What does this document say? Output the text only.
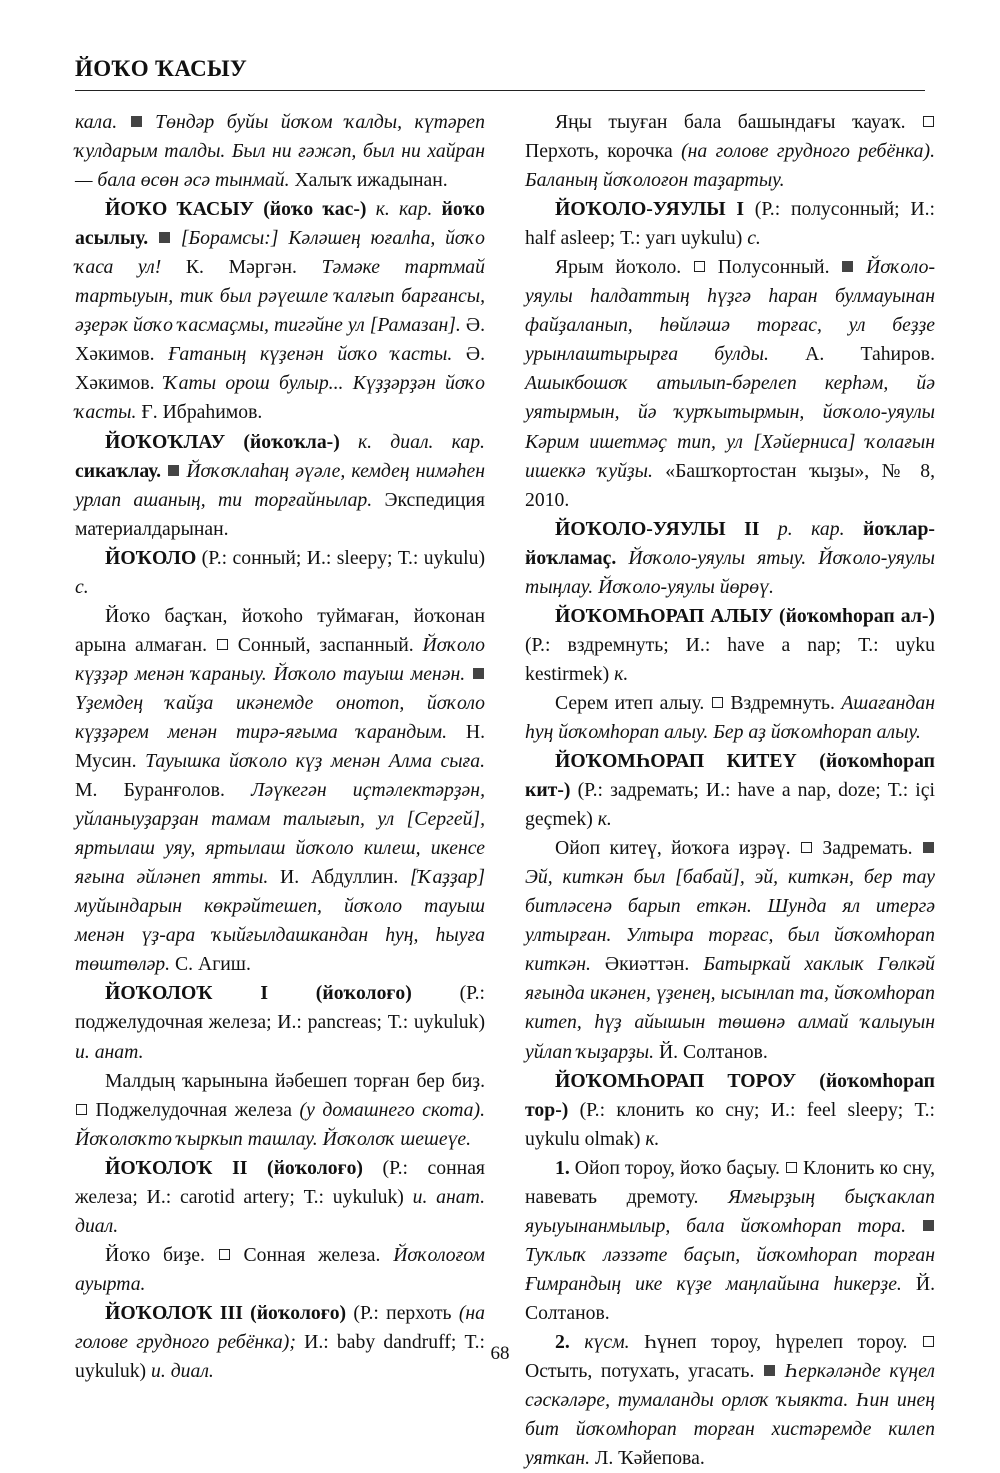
ЙОҠО ҠАСЫУ

кала. Төндәр буйы йоҡом ҡалды, күтәреп ҡулдарым талды. Был ни ғәжәп, был ни хайран — бала өсөн әсә тынмай. Халыҡ ижадынан.

ЙОҠО ҠАСЫУ (йоҡо ҡас-) к. кар. йоҡо асылыу. [Борамсы:] Кәләшең юғалһа, йоҡо ҡаса ул! К. Мәргән. Тәмәке тартмай тартыуын, тик был рәүешле ҡалғып барғансы, әҙерәк йоҡо ҡасмаҫмы, тигәйне ул [Рамазан]. Ә. Хәкимов. Ғатаның күҙенән йоҡо ҡасты. Ә. Хәкимов. Ҡаты орош булыр... Күҙҙәрҙән йоҡо ҡасты. Ғ. Ибраһимов.

ЙОҠОҠЛАУ (йоҡоҡла-) к. диал. кар. сикаҡлау. Йоҡоҡлаһаң әүәле, кемдең нимәһен урлап ашаның, ти торғайнылар. Экспедиция материалдарынан.

ЙОҠОЛО (Р.: сонный; И.: sleepy; Т.: uykulu) с.

Йоҡо баҫҡан, йоҡоһо туймаған, йоҡонан арына алмаған.  Сонный, заспанный. Йоҡоло күҙҙәр менән ҡараныу. Йоҡоло тауыш менән.  Үҙемдең ҡайҙа икәнемде онотоп, йоҡоло күҙҙәрем менән тирә-яғыма ҡарандым. Н. Мусин. Тауышка йоҡоло күҙ менән Алма сыға. М. Буранғолов. Ләүкегән иҫтәлектәрҙән, уйланыуҙарҙан тамам талығып, ул [Сергей], яртылаш уяу, яртылаш йоҡоло килеш, икенсе яғына әйләнеп ятты. И. Абдуллин. [Ҡаҙҙар] муйындарын көкрәйтешеп, йоҡоло тауыш менән үҙ-ара ҡыйғылдашкандан һуң, һыуға төштөләр. С. Агиш.

ЙОҠОЛОҠ I (йоҡолоғо) (Р.: поджелудочная железа; И.: pancreas; Т.: uykuluk) и. анат.

Малдың ҡарынына йәбешеп торған бер биҙ.  Поджелудочная железа (у домашнего скота). Йоҡолоҡто ҡыркып ташлау. Йоҡолоҡ шешеүе.

ЙОҠОЛОҠ II (йоҡолоғо) (Р.: сонная железа; И.: carotid artery; Т.: uykuluk) и. анат. диал.

Йоҡо биҙе.  Сонная железа. Йоҡолоғом ауырта.

ЙОҠОЛОҠ III (йоҡолоғо) (Р.: перхоть (на голове грудного ребёнка); И.: baby dandruff; Т.: uykuluk) и. диал.

Яңы тыуған бала башындағы ҡауаҡ.  Перхоть, корочка (на голове грудного ребёнка). Баланың йоҡолоғон таҙартыу.

ЙОҠОЛО-УЯУЛЫ I (Р.: полусонный; И.: half asleep; Т.: yarı uykulu) с.

Ярым йоҡоло.  Полусонный. Йоҡоло-уяулы һалдаттың һүҙгә һаран булмауынан файҙаланып, һөйләшә торғас, ул беҙҙе урынлаштырырға булды. А. Таһиров. Ашыкбошоҡ атылып-бәрелеп керһәм, йә уятырмын, йә ҡурҡытырмын, йоҡоло-уяулы Кәрим ишетмәҫ тип, ул [Хәйерниса] ҡолағын ишеккә ҡуйҙы. «Башҡортостан ҡыҙы», № 8, 2010.

ЙОҠОЛО-УЯУЛЫ II р. кар. йоҡлар-йоҡламаҫ. Йоҡоло-уяулы ятыу. Йоҡоло-уяулы тыңлау. Йоҡоло-уяулы йөрөү.

ЙОҠОМҺОРАП АЛЫУ (йоҡомһорап ал-) (Р.: вздремнуть; И.: have a nap; Т.: uyku kestirmek) к.

Серем итеп алыу.  Вздремнуть. Ашағандан һуң йоҡомһорап алыу. Бер аҙ йоҡомһорап алыу.

ЙОҠОМҺОРАП КИТЕҮ (йоҡомһорап кит-) (Р.: задремать; И.: have a nap, doze; Т.: içi geçmek) к.

Ойоп китеү, йоҡоға иҙрәү.  Задремать.  Эй, киткән был [бабай], эй, киткән, бер тау битләсенә барып еткән. Шунда ял итергә ултырған. Ултыра торғас, был йоҡомһорап киткән. Әкиәттән. Батыркай хаклык Гөлкәй яғында икәнен, үҙенең, ысынлап та, йоҡомһорап китеп, һүҙ айышын төшөнә алмай ҡалыуын уйлап ҡыҙарҙы. Й. Солтанов.

ЙОҠОМҺОРАП ТОРОУ (йоҡомһорап тор-) (Р.: клонить ко сну; И.: feel sleepy; Т.: uykulu olmak) к.

1. Ойоп тороу, йоҡо баҫыу.  Клонить ко сну, навевать дремоту. Ямғырҙың быҫҡаклап яуыуынанмылыр, бала йоҡомһорап тора.  Туҡлыҡ ләззәте баҫып, йоҡомһорап торған Ғимрандың ике күҙе маңлайына һикерҙе. Й. Солтанов.

2. күсм. Һүнеп тороу, һүрелеп тороу.  Остыть, потухать, угасать. Һеркәләнде күңел сәскәләре, тумаланды орлоҡ ҡыякта. Һин инең бит йоҡомһорап торған хистәремде килеп уяткан. Л. Ҡәйепова.

68
